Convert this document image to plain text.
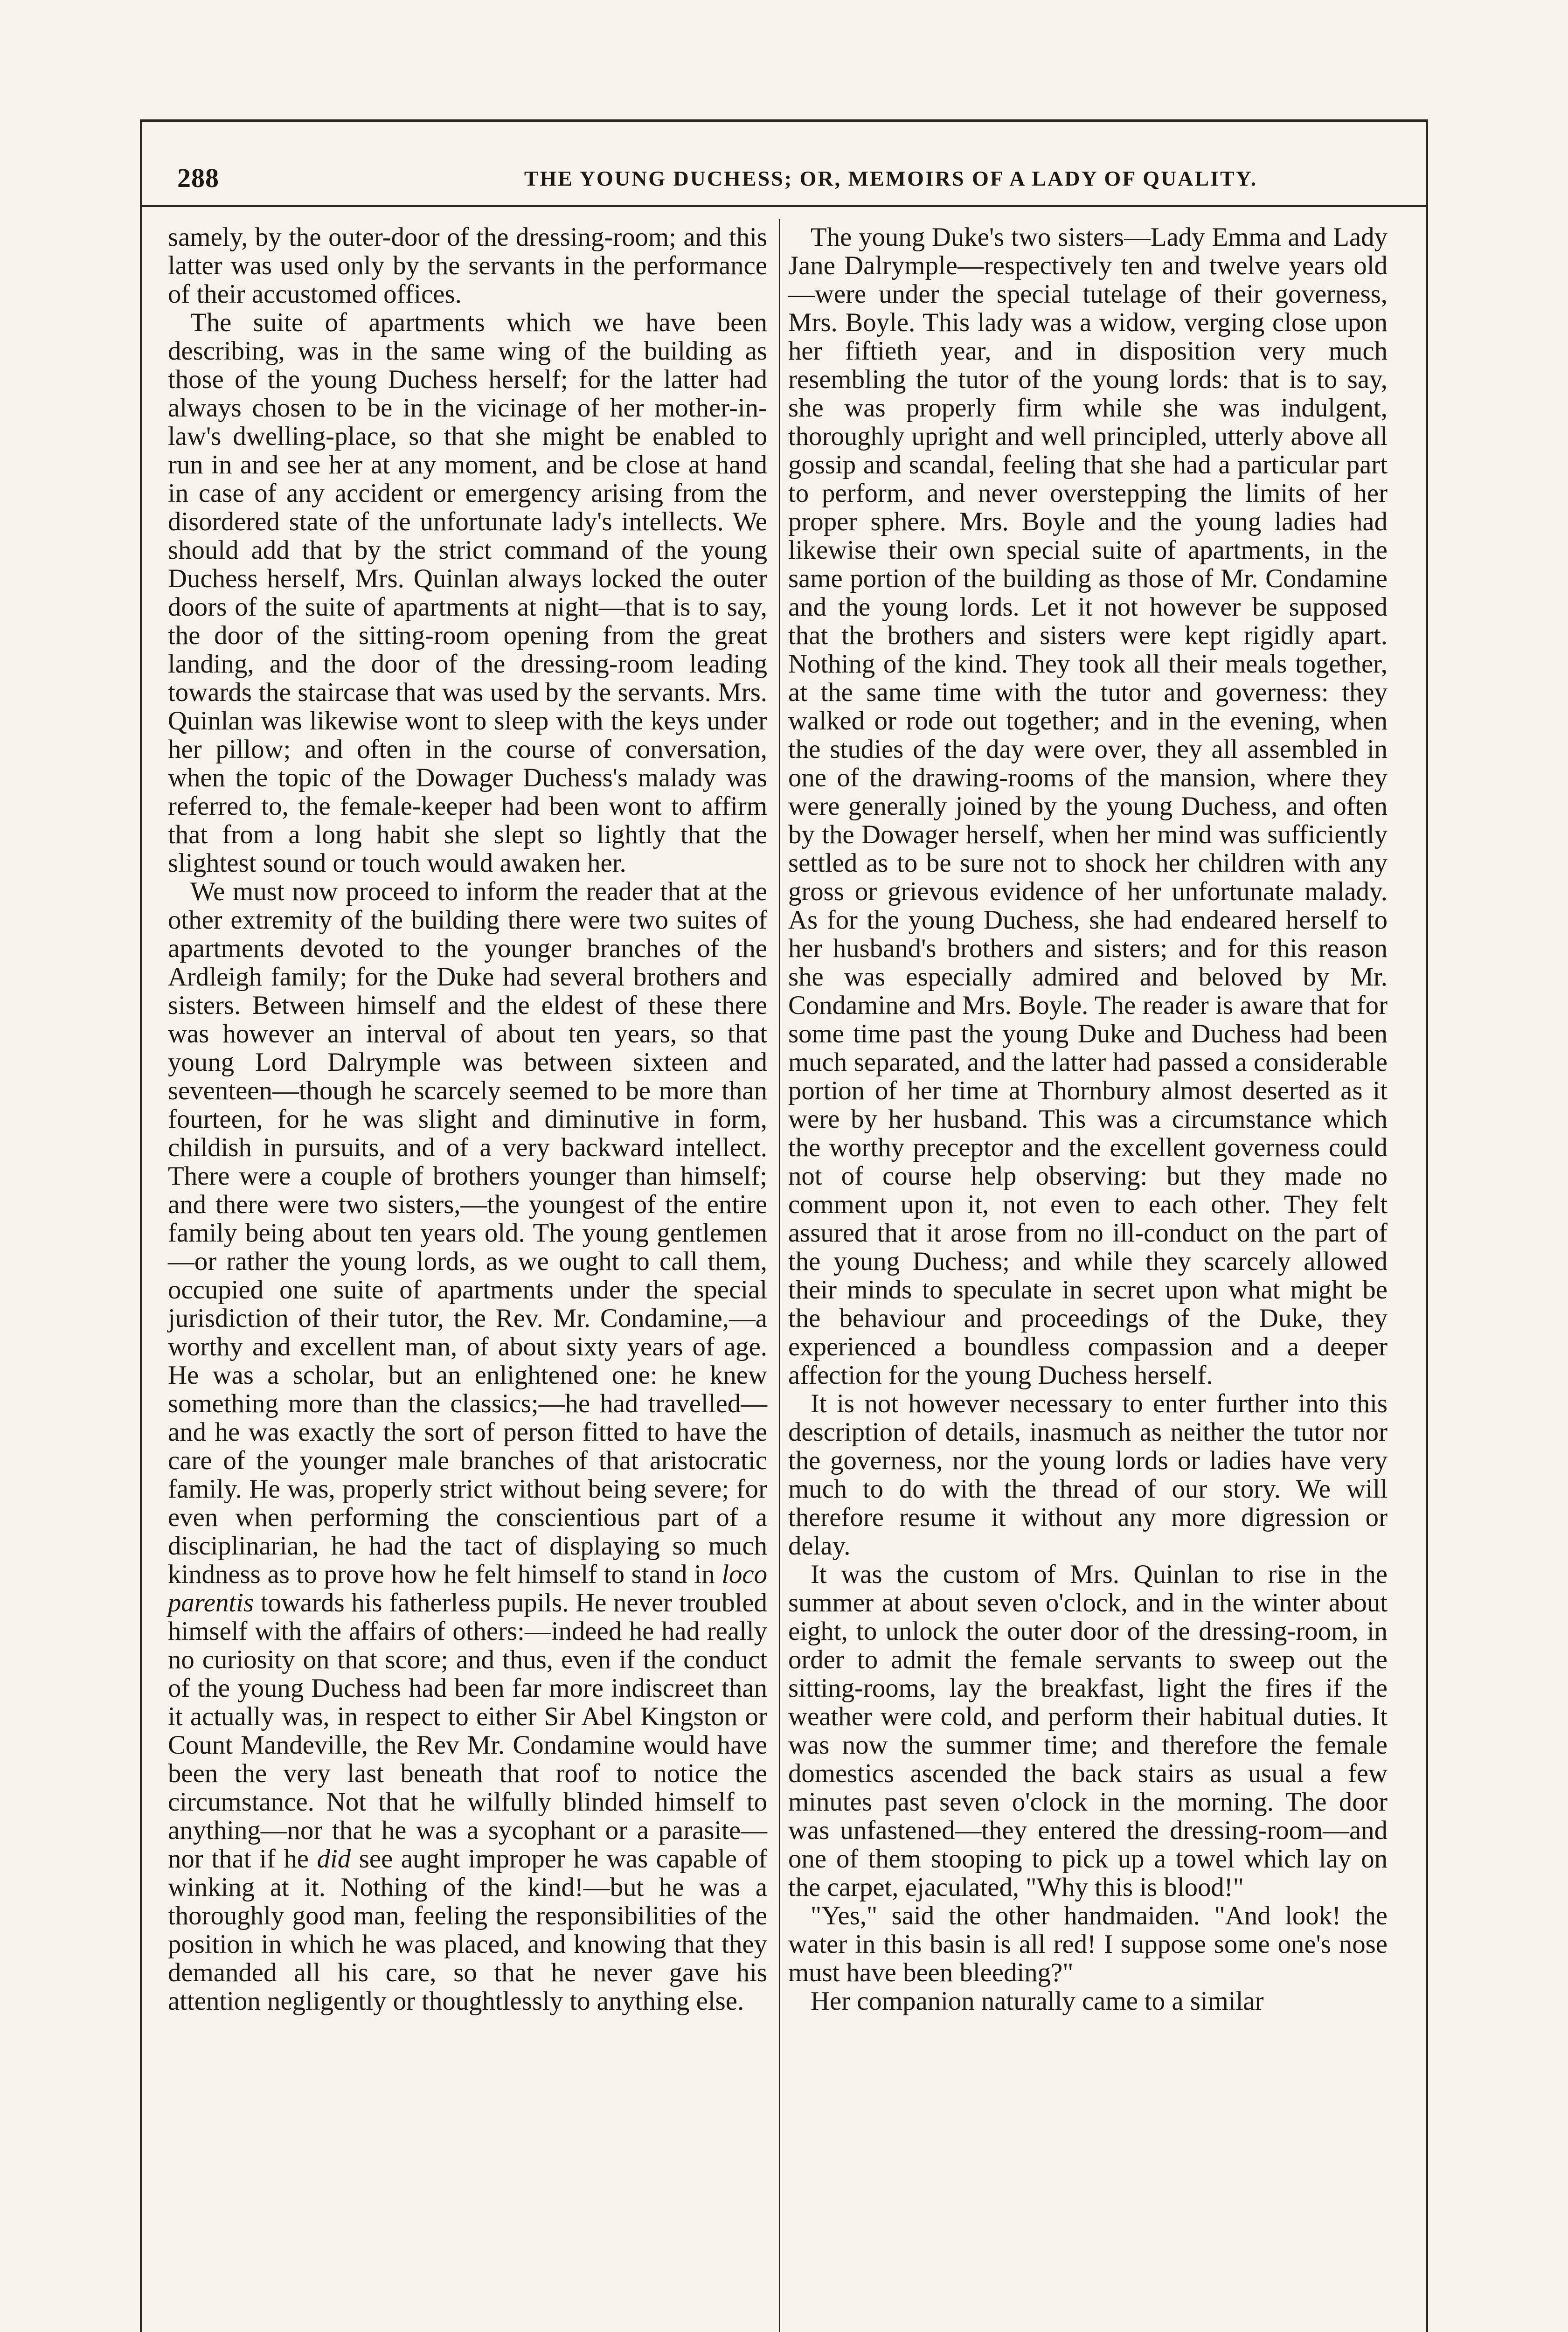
288	THE YOUNG DUCHESS; OR, MEMOIRS OF A LADY OF QUALITY.

samely, by the outer-door of the dressing-room; and this latter was used only by the servants in the performance of their accustomed offices.

The suite of apartments which we have been describing, was in the same wing of the building as those of the young Duchess herself; for the latter had always chosen to be in the vicinage of her mother-in-law's dwelling-place, so that she might be enabled to run in and see her at any moment, and be close at hand in case of any accident or emergency arising from the disordered state of the unfortunate lady's intellects. We should add that by the strict command of the young Duchess herself, Mrs. Quinlan always locked the outer doors of the suite of apartments at night—that is to say, the door of the sitting-room opening from the great landing, and the door of the dressing-room leading towards the staircase that was used by the servants. Mrs. Quinlan was likewise wont to sleep with the keys under her pillow; and often in the course of conversation, when the topic of the Dowager Duchess's malady was referred to, the female-keeper had been wont to affirm that from a long habit she slept so lightly that the slightest sound or touch would awaken her.

We must now proceed to inform the reader that at the other extremity of the building there were two suites of apartments devoted to the younger branches of the Ardleigh family; for the Duke had several brothers and sisters. Between himself and the eldest of these there was however an interval of about ten years, so that young Lord Dalrymple was between sixteen and seventeen—though he scarcely seemed to be more than fourteen, for he was slight and diminutive in form, childish in pursuits, and of a very backward intellect. There were a couple of brothers younger than himself; and there were two sisters,—the youngest of the entire family being about ten years old. The young gentlemen—or rather the young lords, as we ought to call them, occupied one suite of apartments under the special jurisdiction of their tutor, the Rev. Mr. Condamine,—a worthy and excellent man, of about sixty years of age. He was a scholar, but an enlightened one: he knew something more than the classics;—he had travelled—and he was exactly the sort of person fitted to have the care of the younger male branches of that aristocratic family. He was, properly strict without being severe; for even when performing the conscientious part of a disciplinarian, he had the tact of displaying so much kindness as to prove how he felt himself to stand in loco parentis towards his fatherless pupils. He never troubled himself with the affairs of others:—indeed he had really no curiosity on that score; and thus, even if the conduct of the young Duchess had been far more indiscreet than it actually was, in respect to either Sir Abel Kingston or Count Mandeville, the Rev Mr. Condamine would have been the very last beneath that roof to notice the circumstance. Not that he wilfully blinded himself to anything—nor that he was a sycophant or a parasite—nor that if he did see aught improper he was capable of winking at it. Nothing of the kind!—but he was a thoroughly good man, feeling the responsibilities of the position in which he was placed, and knowing that they demanded all his care, so that he never gave his attention negligently or thoughtlessly to anything else.

The young Duke's two sisters—Lady Emma and Lady Jane Dalrymple—respectively ten and twelve years old—were under the special tutelage of their governess, Mrs. Boyle. This lady was a widow, verging close upon her fiftieth year, and in disposition very much resembling the tutor of the young lords: that is to say, she was properly firm while she was indulgent, thoroughly upright and well principled, utterly above all gossip and scandal, feeling that she had a particular part to perform, and never overstepping the limits of her proper sphere. Mrs. Boyle and the young ladies had likewise their own special suite of apartments, in the same portion of the building as those of Mr. Condamine and the young lords. Let it not however be supposed that the brothers and sisters were kept rigidly apart. Nothing of the kind. They took all their meals together, at the same time with the tutor and governess: they walked or rode out together; and in the evening, when the studies of the day were over, they all assembled in one of the drawing-rooms of the mansion, where they were generally joined by the young Duchess, and often by the Dowager herself, when her mind was sufficiently settled as to be sure not to shock her children with any gross or grievous evidence of her unfortunate malady. As for the young Duchess, she had endeared herself to her husband's brothers and sisters; and for this reason she was especially admired and beloved by Mr. Condamine and Mrs. Boyle. The reader is aware that for some time past the young Duke and Duchess had been much separated, and the latter had passed a considerable portion of her time at Thornbury almost deserted as it were by her husband. This was a circumstance which the worthy preceptor and the excellent governess could not of course help observing: but they made no comment upon it, not even to each other. They felt assured that it arose from no ill-conduct on the part of the young Duchess; and while they scarcely allowed their minds to speculate in secret upon what might be the behaviour and proceedings of the Duke, they experienced a boundless compassion and a deeper affection for the young Duchess herself.

It is not however necessary to enter further into this description of details, inasmuch as neither the tutor nor the governess, nor the young lords or ladies have very much to do with the thread of our story. We will therefore resume it without any more digression or delay.

It was the custom of Mrs. Quinlan to rise in the summer at about seven o'clock, and in the winter about eight, to unlock the outer door of the dressing-room, in order to admit the female servants to sweep out the sitting-rooms, lay the breakfast, light the fires if the weather were cold, and perform their habitual duties. It was now the summer time; and therefore the female domestics ascended the back stairs as usual a few minutes past seven o'clock in the morning. The door was unfastened—they entered the dressing-room—and one of them stooping to pick up a towel which lay on the carpet, ejaculated, "Why this is blood!"

"Yes," said the other handmaiden. "And look! the water in this basin is all red! I suppose some one's nose must have been bleeding?"

Her companion naturally came to a similar
